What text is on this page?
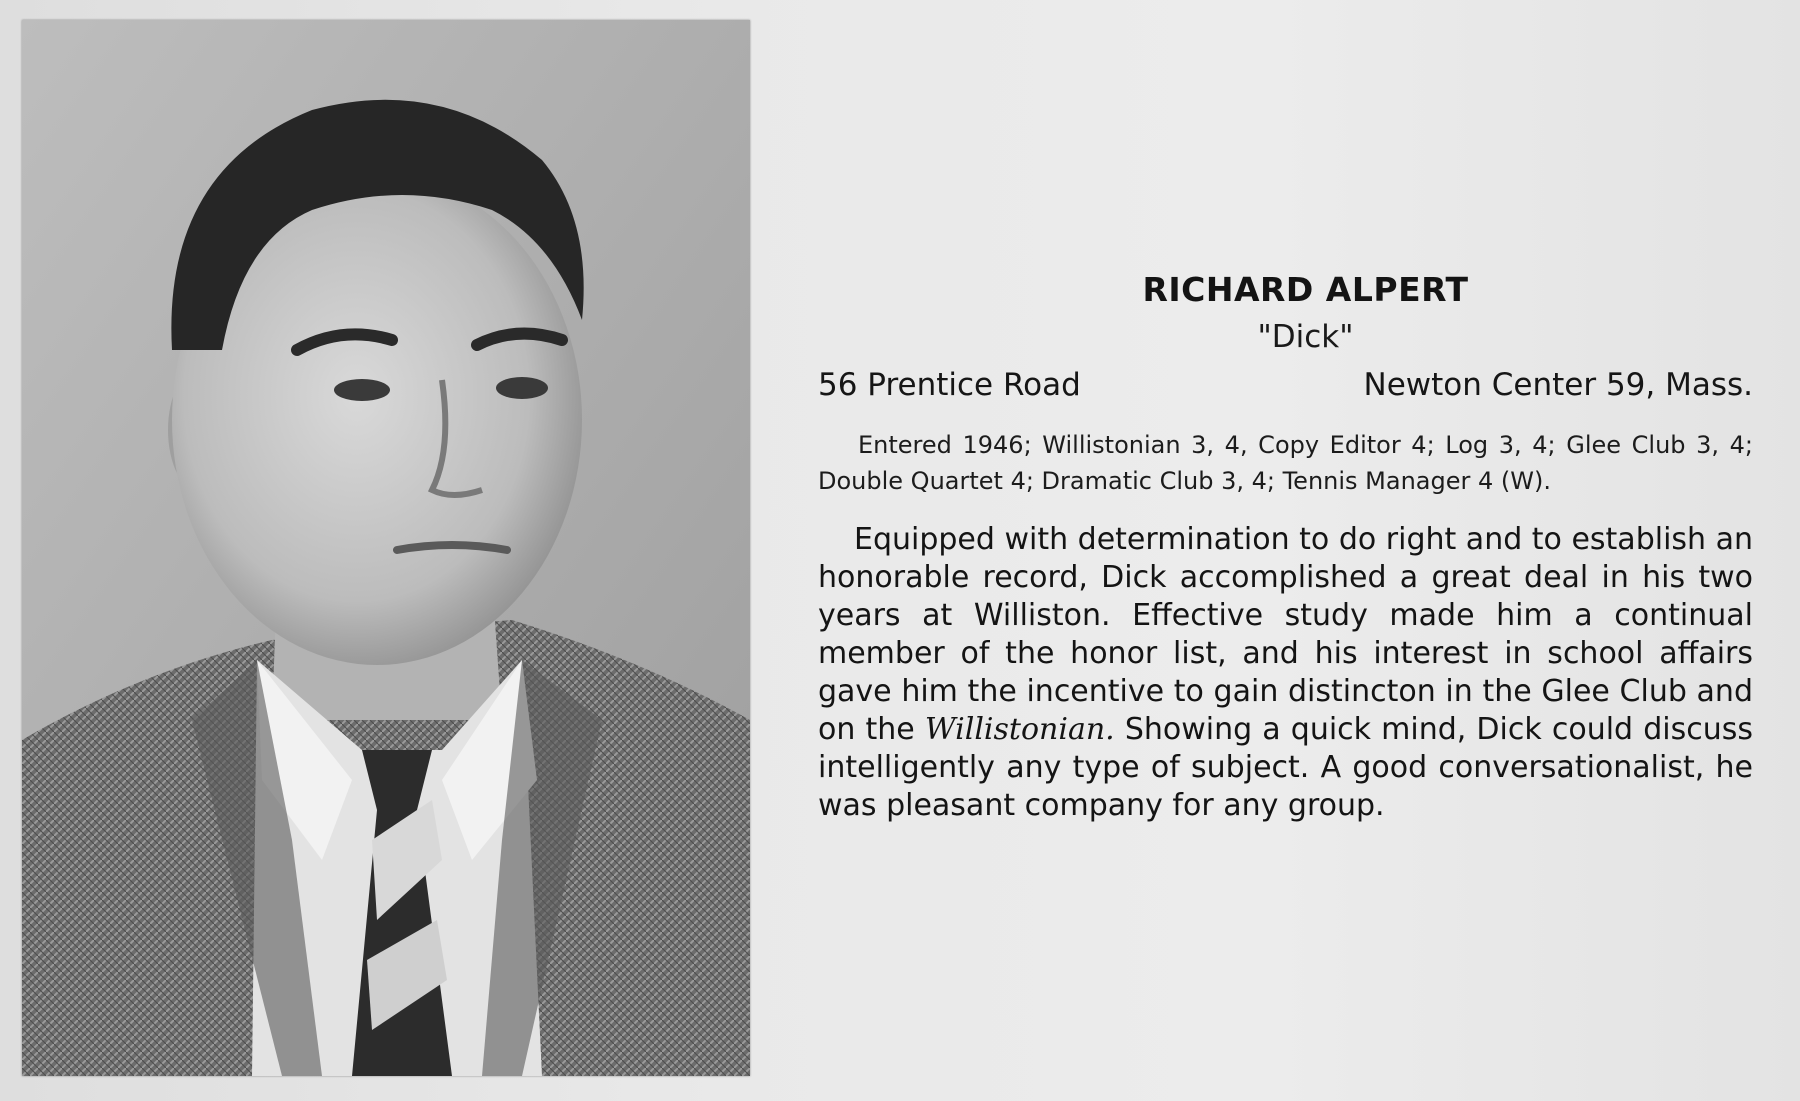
RICHARD ALPERT
"Dick"
56 Prentice Road	Newton Center 59, Mass.
Entered 1946; Willistonian 3, 4, Copy Editor 4; Log 3, 4; Glee Club 3, 4; Double Quartet 4; Dramatic Club 3, 4; Tennis Manager 4 (W).
Equipped with determination to do right and to establish an honorable record, Dick accomplished a great deal in his two years at Williston. Effective study made him a continual member of the honor list, and his interest in school affairs gave him the incentive to gain distincton in the Glee Club and on the Willistonian. Showing a quick mind, Dick could discuss intelligently any type of subject. A good conversationalist, he was pleasant company for any group.
